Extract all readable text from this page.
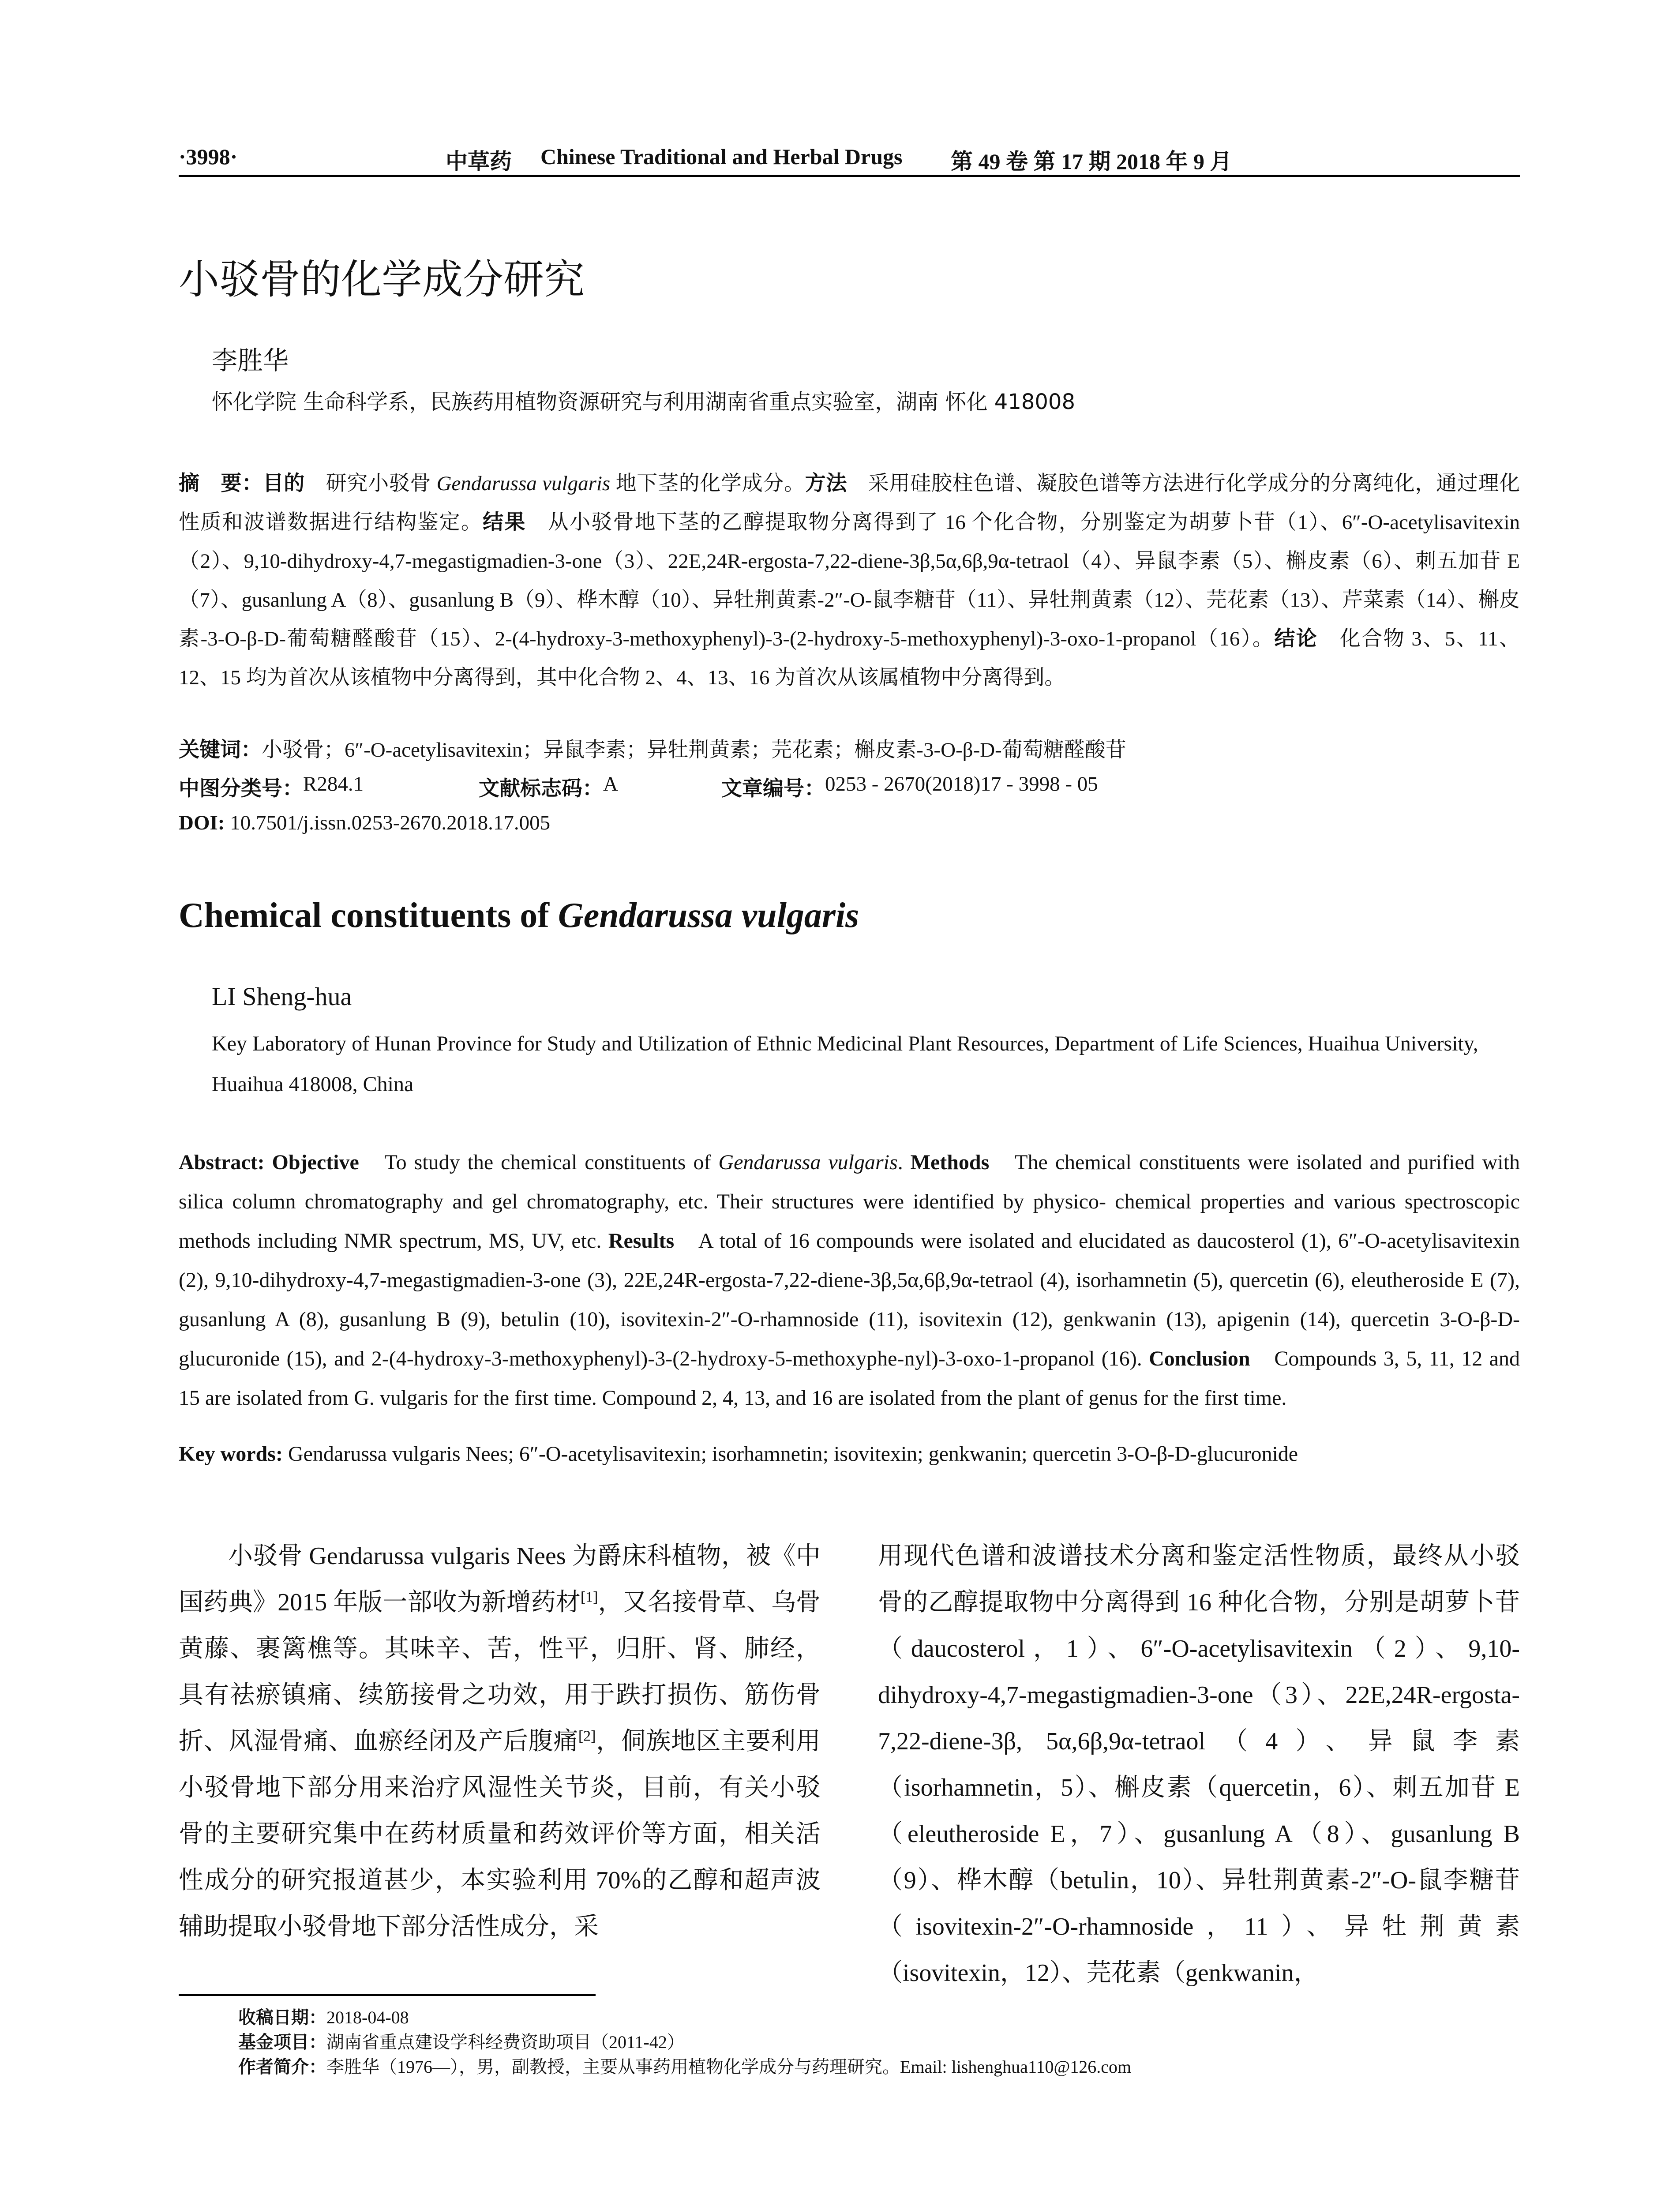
·3998·	中草药 Chinese Traditional and Herbal Drugs 第 49 卷 第 17 期 2018 年 9 月
小驳骨的化学成分研究
李胜华
怀化学院 生命科学系，民族药用植物资源研究与利用湖南省重点实验室，湖南 怀化 418008
摘　要：目的　 研究小驳骨 Gendarussa vulgaris 地下茎的化学成分。方法　 采用硅胶柱色谱、凝胶色谱等方法进行化学成分的分离纯化，通过理化性质和波谱数据进行结构鉴定。结果　 从小驳骨地下茎的乙醇提取物分离得到了 16 个化合物，分别鉴定为胡萝卜苷（1）、6″-O-acetylisavitexin（2）、9,10-dihydroxy-4,7-megastigmadien-3-one（3）、22E,24R-ergosta-7,22-diene-3β,5α,6β,9α-tetraol（4）、异鼠李素（5）、槲皮素（6）、刺五加苷 E（7）、gusanlung A（8）、gusanlung B（9）、桦木醇（10）、异牡荆黄素-2″-O-鼠李糖苷（11）、异牡荆黄素（12）、芫花素（13）、芹菜素（14）、槲皮素-3-O-β-D-葡萄糖醛酸苷（15）、2-(4-hydroxy-3-methoxyphenyl)-3-(2-hydroxy-5-methoxyphenyl)-3-oxo-1-propanol（16）。结论　 化合物 3、5、11、12、15 均为首次从该植物中分离得到，其中化合物 2、4、13、16 为首次从该属植物中分离得到。
关键词：小驳骨；6″-O-acetylisavitexin；异鼠李素；异牡荆黄素；芫花素；槲皮素-3-O-β-D-葡萄糖醛酸苷
中图分类号： R284.1	文献标志码： A	文章编号： 0253 - 2670(2018)17 - 3998 - 05
DOI: 10.7501/j.issn.0253-2670.2018.17.005
Chemical constituents of Gendarussa vulgaris
LI Sheng-hua
Key Laboratory of Hunan Province for Study and Utilization of Ethnic Medicinal Plant Resources, Department of Life Sciences, Huaihua University, Huaihua 418008, China
Abstract: Objective　To study the chemical constituents of Gendarussa vulgaris. Methods　The chemical constituents were isolated and purified with silica column chromatography and gel chromatography, etc. Their structures were identified by physico- chemical properties and various spectroscopic methods including NMR spectrum, MS, UV, etc. Results　A total of 16 compounds were isolated and elucidated as daucosterol (1), 6″-O-acetylisavitexin (2), 9,10-dihydroxy-4,7-megastigmadien-3-one (3), 22E,24R-ergosta-7,22-diene-3β,5α,6β,9α-tetraol (4), isorhamnetin (5), quercetin (6), eleutheroside E (7), gusanlung A (8), gusanlung B (9), betulin (10), isovitexin-2″-O-rhamnoside (11), isovitexin (12), genkwanin (13), apigenin (14), quercetin 3-O-β-D-glucuronide (15), and 2-(4-hydroxy-3-methoxyphenyl)-3-(2-hydroxy-5-methoxyphe-nyl)-3-oxo-1-propanol (16). Conclusion　Compounds 3, 5, 11, 12 and 15 are isolated from G. vulgaris for the first time. Compound 2, 4, 13, and 16 are isolated from the plant of genus for the first time.
Key words: Gendarussa vulgaris Nees; 6″-O-acetylisavitexin; isorhamnetin; isovitexin; genkwanin; quercetin 3-O-β-D-glucuronide
小驳骨 Gendarussa vulgaris Nees 为爵床科植物，被《中国药典》2015 年版一部收为新增药材[1]，又名接骨草、乌骨黄藤、裹篱樵等。其味辛、苦，性平，归肝、肾、肺经，具有祛瘀镇痛、续筋接骨之功效，用于跌打损伤、筋伤骨折、风湿骨痛、血瘀经闭及产后腹痛[2]，侗族地区主要利用小驳骨地下部分用来治疗风湿性关节炎，目前，有关小驳骨的主要研究集中在药材质量和药效评价等方面，相关活性成分的研究报道甚少，本实验利用 70%的乙醇和超声波辅助提取小驳骨地下部分活性成分，采
用现代色谱和波谱技术分离和鉴定活性物质，最终从小驳骨的乙醇提取物中分离得到 16 种化合物，分别是胡萝卜苷（daucosterol，1）、6″-O-acetylisavitexin（2）、9,10-dihydroxy-4,7-megastigmadien-3-one（3）、22E,24R-ergosta-7,22-diene-3β, 5α,6β,9α-tetraol（4）、异鼠李素（isorhamnetin，5）、槲皮素（quercetin，6）、刺五加苷 E（eleutheroside E，7）、gusanlung A（8）、gusanlung B（9）、桦木醇（betulin，10）、异牡荆黄素-2″-O-鼠李糖苷（isovitexin-2″-O-rhamnoside，11）、异牡荆黄素（isovitexin，12）、芫花素（genkwanin，
收稿日期：2018-04-08
基金项目：湖南省重点建设学科经费资助项目（2011-42）
作者简介：李胜华（1976—），男，副教授，主要从事药用植物化学成分与药理研究。Email: lishenghua110@126.com
